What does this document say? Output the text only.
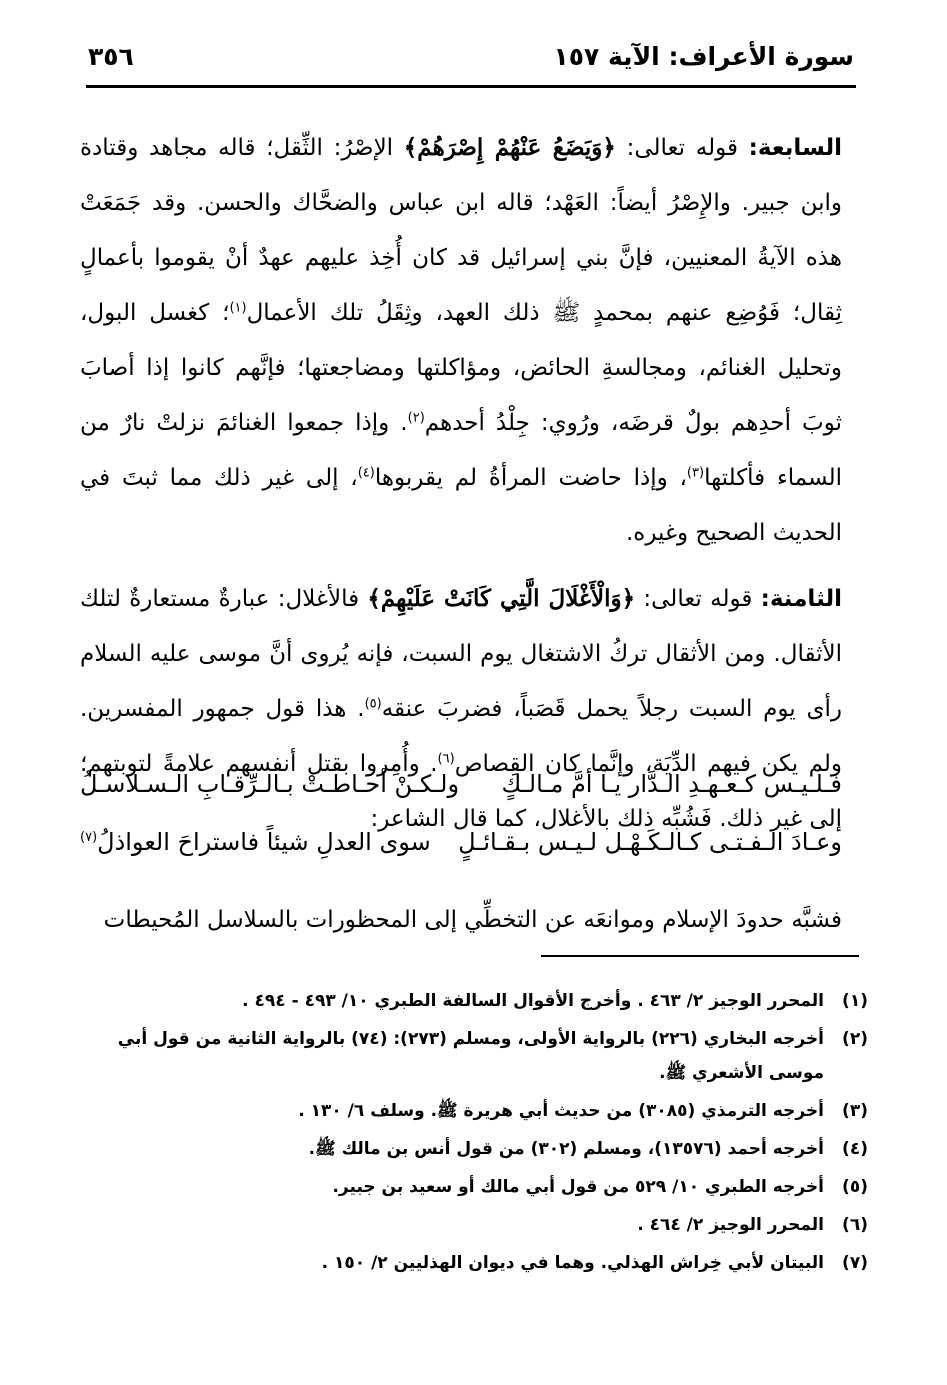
سورة الأعراف: الآية ١٥٧
٣٥٦

السابعة: قوله تعالى: ﴿وَيَضَعُ عَنْهُمْ إِصْرَهُمْ﴾ الإصْرُ: الثِّقل؛ قاله مجاهد وقتادة وابن جبير. والإِصْرُ أيضاً: العَهْد؛ قاله ابن عباس والضحَّاك والحسن. وقد جَمَعَتْ هذه الآيةُ المعنيين، فإنَّ بني إسرائيل قد كان أُخِذ عليهم عهدٌ أنْ يقوموا بأعمالٍ ثِقال؛ فَوُضِع عنهم بمحمدٍ ﷺ ذلك العهد، وثِقَلُ تلك الأعمال$^{(١)}$؛ كغسل البول، وتحليل الغنائم، ومجالسةِ الحائض، ومؤاكلتها ومضاجعتها؛ فإنَّهم كانوا إذا أصابَ ثوبَ أحدِهم بولٌ قرضَه، ورُوي: جِلْدُ أحدهم$^{(٢)}$. وإذا جمعوا الغنائمَ نزلتْ نارٌ من السماء فأكلتها$^{(٣)}$، وإذا حاضت المرأةُ لم يقربوها$^{(٤)}$، إلى غير ذلك مما ثبتَ في الحديث الصحيح وغيره.

الثامنة: قوله تعالى: ﴿وَالْأَغْلَالَ الَّتِي كَانَتْ عَلَيْهِمْ﴾ فالأغلال: عبارةٌ مستعارةٌ لتلك الأثقال. ومن الأثقال تركُ الاشتغال يوم السبت، فإنه يُروى أنَّ موسى عليه السلام رأى يوم السبت رجلاً يحمل قَصَباً، فضربَ عنقه$^{(٥)}$. هذا قول جمهور المفسرين. ولم يكن فيهم الدِّيَة، وإنَّما كان القِصاص$^{(٦)}$. وأُمِروا بقتل أنفسهم علامةً لتوبتهم؛ إلى غير ذلك. فَشُبِّه ذلك بالأغلال، كما قال الشاعر:

فـلـيـس كـعـهـدِ الـدَّار يـا أمَّ مـالـكٍ
ولـكـنْ أحـاطـتْ بـالـرِّقـابِ الـسـلاسـلُ
وعـادَ الـفـتـى كـالـكَـهْـل لـيـس بـقـائـلٍ
سوى العدلِ شيئاً فاستراحَ العواذلُ$^{(٧)}$
فشبَّه حدودَ الإسلام وموانعَه عن التخطِّي إلى المحظورات بالسلاسل المُحيطات
(١)
المحرر الوجيز ٢/ ٤٦٣ . وأخرج الأقوال السالفة الطبري ١٠/ ٤٩٣ - ٤٩٤ .
(٢)
أخرجه البخاري (٢٢٦) بالرواية الأولى، ومسلم (٢٧٣): (٧٤) بالرواية الثانية من قول أبي موسى الأشعري ﷺ.
(٣)
أخرجه الترمذي (٣٠٨٥) من حديث أبي هريرة ﷺ. وسلف ٦/ ١٣٠ .
(٤)
أخرجه أحمد (١٣٥٧٦)، ومسلم (٣٠٢) من قول أنس بن مالك ﷺ.
(٥)
أخرجه الطبري ١٠/ ٥٢٩ من قول أبي مالك أو سعيد بن جبير.
(٦)
المحرر الوجيز ٢/ ٤٦٤ .
(٧)
البيتان لأبي خِراش الهذلي. وهما في ديوان الهذليين ٢/ ١٥٠ .
